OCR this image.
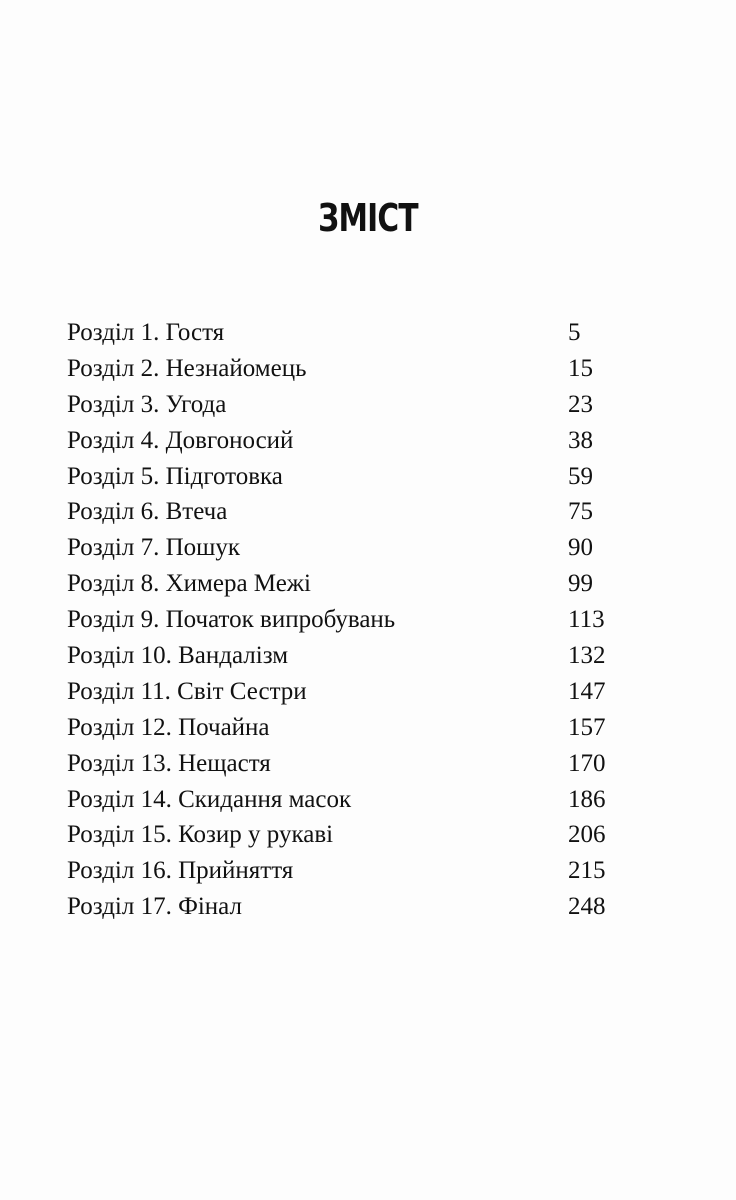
ЗМІСТ
Розділ 1. Гостя	5
Розділ 2. Незнайомець	15
Розділ 3. Угода	23
Розділ 4. Довгоносий	38
Розділ 5. Підготовка	59
Розділ 6. Втеча	75
Розділ 7. Пошук	90
Розділ 8. Химера Межі	99
Розділ 9. Початок випробувань	113
Розділ 10. Вандалізм	132
Розділ 11. Світ Сестри	147
Розділ 12. Почайна	157
Розділ 13. Нещастя	170
Розділ 14. Скидання масок	186
Розділ 15. Козир у рукаві	206
Розділ 16. Прийняття	215
Розділ 17. Фінал	248
